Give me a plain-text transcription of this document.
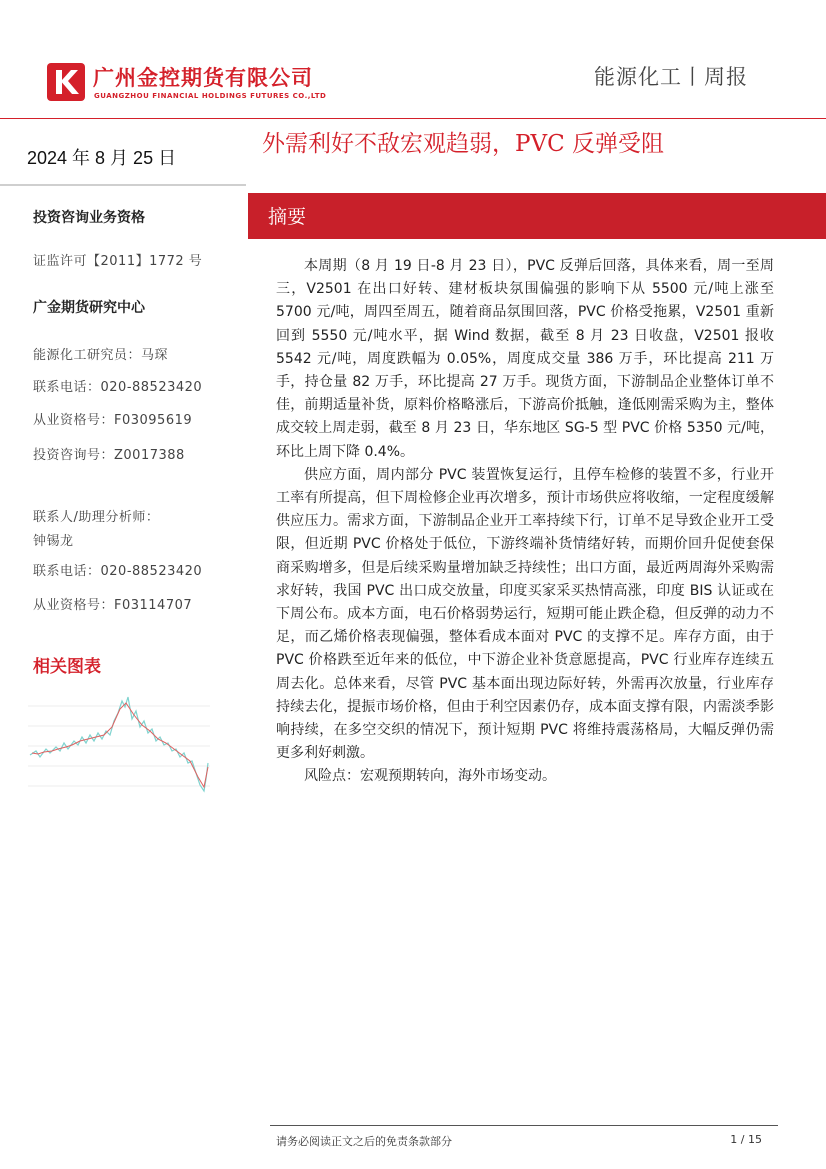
广州金控期货有限公司
GUANGZHOU FINANCIAL HOLDINGS FUTURES CO.,LTD
能源化工丨周报
2024 年 8 月 25 日
投资咨询业务资格
证监许可【2011】1772 号
广金期货研究中心
能源化工研究员：马琛
联系电话：020-88523420
从业资格号：F03095619
投资咨询号：Z0017388
联系人/助理分析师：
钟锡龙
联系电话：020-88523420
从业资格号：F03114707
相关图表
外需利好不敌宏观趋弱，PVC 反弹受阻
摘要

本周期（8 月 19 日-8 月 23 日），PVC 反弹后回落，具体来看，周一至周三，V2501 在出口好转、建材板块氛围偏强的影响下从 5500 元/吨上涨至 5700 元/吨，周四至周五，随着商品氛围回落，PVC 价格受拖累，V2501 重新回到 5550 元/吨水平，据 Wind 数据，截至 8 月 23 日收盘，V2501 报收 5542 元/吨，周度跌幅为 0.05%，周度成交量 386 万手，环比提高 211 万手，持仓量 82 万手，环比提高 27 万手。现货方面，下游制品企业整体订单不佳，前期适量补货，原料价格略涨后，下游高价抵触，逢低刚需采购为主，整体成交较上周走弱，截至 8 月 23 日，华东地区 SG-5 型 PVC 价格 5350 元/吨，环比上周下降 0.4%。

供应方面，周内部分 PVC 装置恢复运行，且停车检修的装置不多，行业开工率有所提高，但下周检修企业再次增多，预计市场供应将收缩，一定程度缓解供应压力。需求方面，下游制品企业开工率持续下行，订单不足导致企业开工受限，但近期 PVC 价格处于低位，下游终端补货情绪好转，而期价回升促使套保商采购增多，但是后续采购量增加缺乏持续性；出口方面，最近两周海外采购需求好转，我国 PVC 出口成交放量，印度买家采买热情高涨，印度 BIS 认证或在下周公布。成本方面，电石价格弱势运行，短期可能止跌企稳，但反弹的动力不足，而乙烯价格表现偏强，整体看成本面对 PVC 的支撑不足。库存方面，由于 PVC 价格跌至近年来的低位，中下游企业补货意愿提高，PVC 行业库存连续五周去化。总体来看，尽管 PVC 基本面出现边际好转，外需再次放量，行业库存持续去化，提振市场价格，但由于利空因素仍存，成本面支撑有限，内需淡季影响持续，在多空交织的情况下，预计短期 PVC 将维持震荡格局，大幅反弹仍需更多利好刺激。

风险点：宏观预期转向，海外市场变动。

请务必阅读正文之后的免责条款部分	1 / 15
